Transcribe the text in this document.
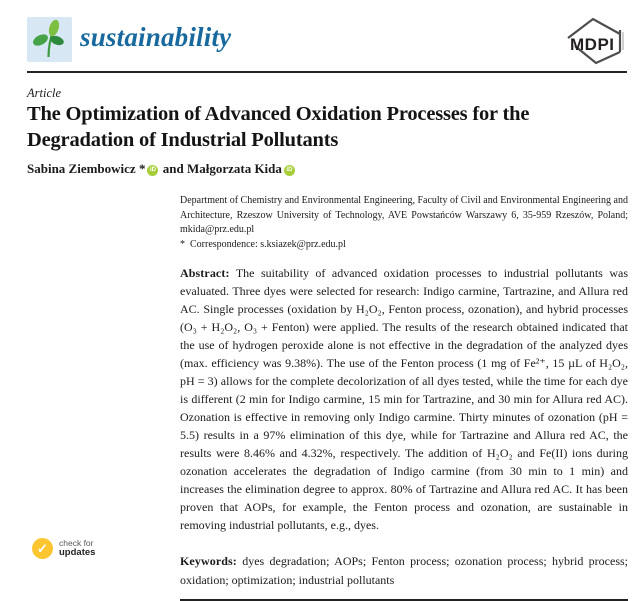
sustainability	MDPI
Article
The Optimization of Advanced Oxidation Processes for the Degradation of Industrial Pollutants
Sabina Ziembowicz * iD and Małgorzata Kida iD
Department of Chemistry and Environmental Engineering, Faculty of Civil and Environmental Engineering and Architecture, Rzeszow University of Technology, AVE Powstańców Warszawy 6, 35-959 Rzeszów, Poland; mkida@prz.edu.pl
* Correspondence: s.ksiazek@prz.edu.pl

Abstract: The suitability of advanced oxidation processes to industrial pollutants was evaluated. Three dyes were selected for research: Indigo carmine, Tartrazine, and Allura red AC. Single processes (oxidation by H₂O₂, Fenton process, ozonation), and hybrid processes (O₃ + H₂O₂, O₃ + Fenton) were applied. The results of the research obtained indicated that the use of hydrogen peroxide alone is not effective in the degradation of the analyzed dyes (max. efficiency was 9.38%). The use of the Fenton process (1 mg of Fe²⁺, 15 µL of H₂O₂, pH = 3) allows for the complete decolorization of all dyes tested, while the time for each dye is different (2 min for Indigo carmine, 15 min for Tartrazine, and 30 min for Allura red AC). Ozonation is effective in removing only Indigo carmine. Thirty minutes of ozonation (pH = 5.5) results in a 97% elimination of this dye, while for Tartrazine and Allura red AC, the results were 8.46% and 4.32%, respectively. The addition of H₂O₂ and Fe(II) ions during ozonation accelerates the degradation of Indigo carmine (from 30 min to 1 min) and increases the elimination degree to approx. 80% of Tartrazine and Allura red AC. It has been proven that AOPs, for example, the Fenton process and ozonation, are sustainable in removing industrial pollutants, e.g., dyes.

Keywords: dyes degradation; AOPs; Fenton process; ozonation process; hybrid process; oxidation; optimization; industrial pollutants

✓	check for
updates
